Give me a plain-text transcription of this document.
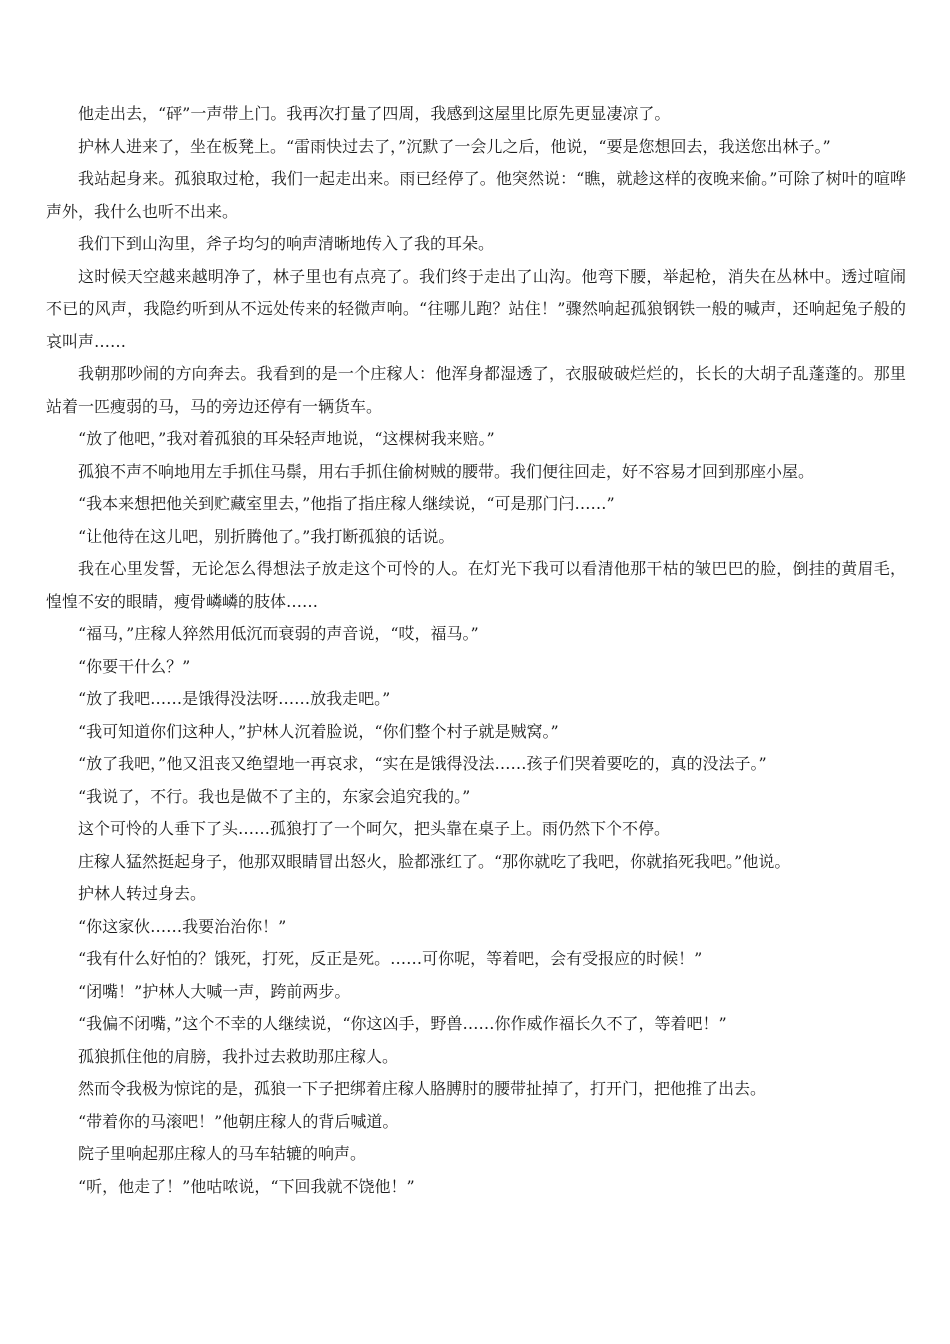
他走出去，“砰”一声带上门。我再次打量了四周，我感到这屋里比原先更显凄凉了。

护林人进来了，坐在板凳上。“雷雨快过去了，”沉默了一会儿之后，他说，“要是您想回去，我送您出林子。”

我站起身来。孤狼取过枪，我们一起走出来。雨已经停了。他突然说：“瞧，就趁这样的夜晚来偷。”可除了树叶的喧哗声外，我什么也听不出来。

我们下到山沟里，斧子均匀的响声清晰地传入了我的耳朵。

这时候天空越来越明净了，林子里也有点亮了。我们终于走出了山沟。他弯下腰，举起枪，消失在丛林中。透过喧闹不已的风声，我隐约听到从不远处传来的轻微声响。“往哪儿跑？站住！”骤然响起孤狼钢铁一般的喊声，还响起兔子般的哀叫声……

我朝那吵闹的方向奔去。我看到的是一个庄稼人：他浑身都湿透了，衣服破破烂烂的，长长的大胡子乱蓬蓬的。那里站着一匹瘦弱的马，马的旁边还停有一辆货车。

“放了他吧，”我对着孤狼的耳朵轻声地说，“这棵树我来赔。”

孤狼不声不响地用左手抓住马鬃，用右手抓住偷树贼的腰带。我们便往回走，好不容易才回到那座小屋。

“我本来想把他关到贮藏室里去，”他指了指庄稼人继续说，“可是那门闩……”

“让他待在这儿吧，别折腾他了。”我打断孤狼的话说。

我在心里发誓，无论怎么得想法子放走这个可怜的人。在灯光下我可以看清他那干枯的皱巴巴的脸，倒挂的黄眉毛，惶惶不安的眼睛，瘦骨嶙嶙的肢体……

“福马，”庄稼人猝然用低沉而衰弱的声音说，“哎，福马。”

“你要干什么？”

“放了我吧……是饿得没法呀……放我走吧。”

“我可知道你们这种人，”护林人沉着脸说，“你们整个村子就是贼窝。”

“放了我吧，”他又沮丧又绝望地一再哀求，“实在是饿得没法……孩子们哭着要吃的，真的没法子。”

“我说了，不行。我也是做不了主的，东家会追究我的。”

这个可怜的人垂下了头……孤狼打了一个呵欠，把头靠在桌子上。雨仍然下个不停。

庄稼人猛然挺起身子，他那双眼睛冒出怒火，脸都涨红了。“那你就吃了我吧，你就掐死我吧。”他说。

护林人转过身去。

“你这家伙……我要治治你！”

“我有什么好怕的？饿死，打死，反正是死。……可你呢，等着吧，会有受报应的时候！”

“闭嘴！”护林人大喊一声，跨前两步。

“我偏不闭嘴，”这个不幸的人继续说，“你这凶手，野兽……你作威作福长久不了，等着吧！”

孤狼抓住他的肩膀，我扑过去救助那庄稼人。

然而令我极为惊诧的是，孤狼一下子把绑着庄稼人胳膊肘的腰带扯掉了，打开门，把他推了出去。

“带着你的马滚吧！”他朝庄稼人的背后喊道。

院子里响起那庄稼人的马车轱辘的响声。

“听，他走了！”他咕哝说，“下回我就不饶他！”
